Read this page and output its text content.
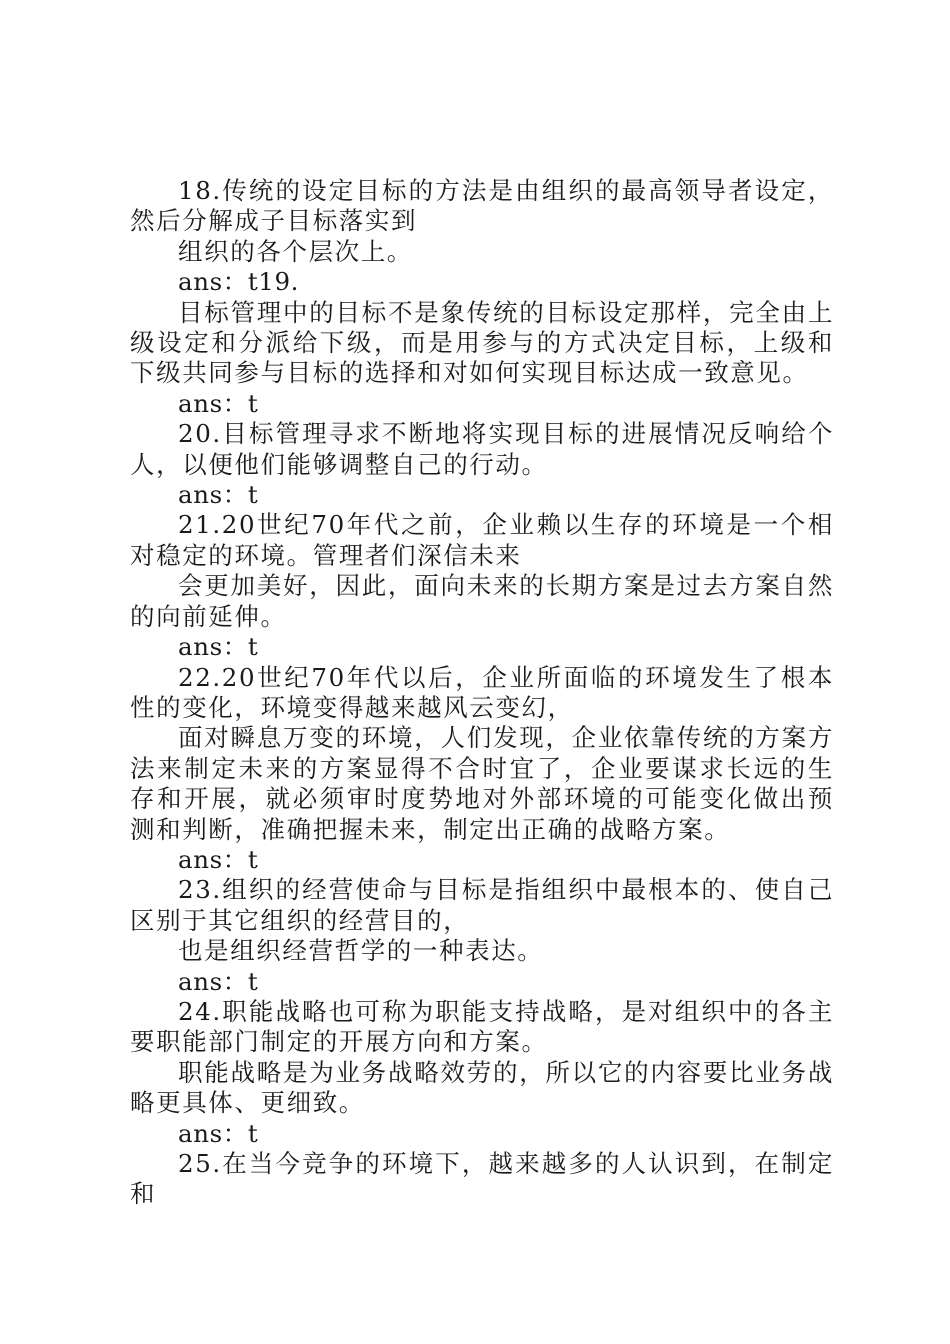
18.传统的设定目标的方法是由组织的最高领导者设定，然后分解成子目标落实到

组织的各个层次上。

ans：t19.

目标管理中的目标不是象传统的目标设定那样，完全由上级设定和分派给下级，而是用参与的方式决定目标，上级和下级共同参与目标的选择和对如何实现目标达成一致意见。

ans：t

20.目标管理寻求不断地将实现目标的进展情况反响给个人，以便他们能够调整自己的行动。

ans：t

21.20世纪70年代之前，企业赖以生存的环境是一个相对稳定的环境。管理者们深信未来

会更加美好，因此，面向未来的长期方案是过去方案自然的向前延伸。

ans：t

22.20世纪70年代以后，企业所面临的环境发生了根本性的变化，环境变得越来越风云变幻，

面对瞬息万变的环境，人们发现，企业依靠传统的方案方法来制定未来的方案显得不合时宜了，企业要谋求长远的生存和开展，就必须审时度势地对外部环境的可能变化做出预测和判断，准确把握未来，制定出正确的战略方案。

ans：t

23.组织的经营使命与目标是指组织中最根本的、使自己区别于其它组织的经营目的，

也是组织经营哲学的一种表达。

ans：t

24.职能战略也可称为职能支持战略，是对组织中的各主要职能部门制定的开展方向和方案。

职能战略是为业务战略效劳的，所以它的内容要比业务战略更具体、更细致。

ans：t

25.在当今竞争的环境下，越来越多的人认识到，在制定和
